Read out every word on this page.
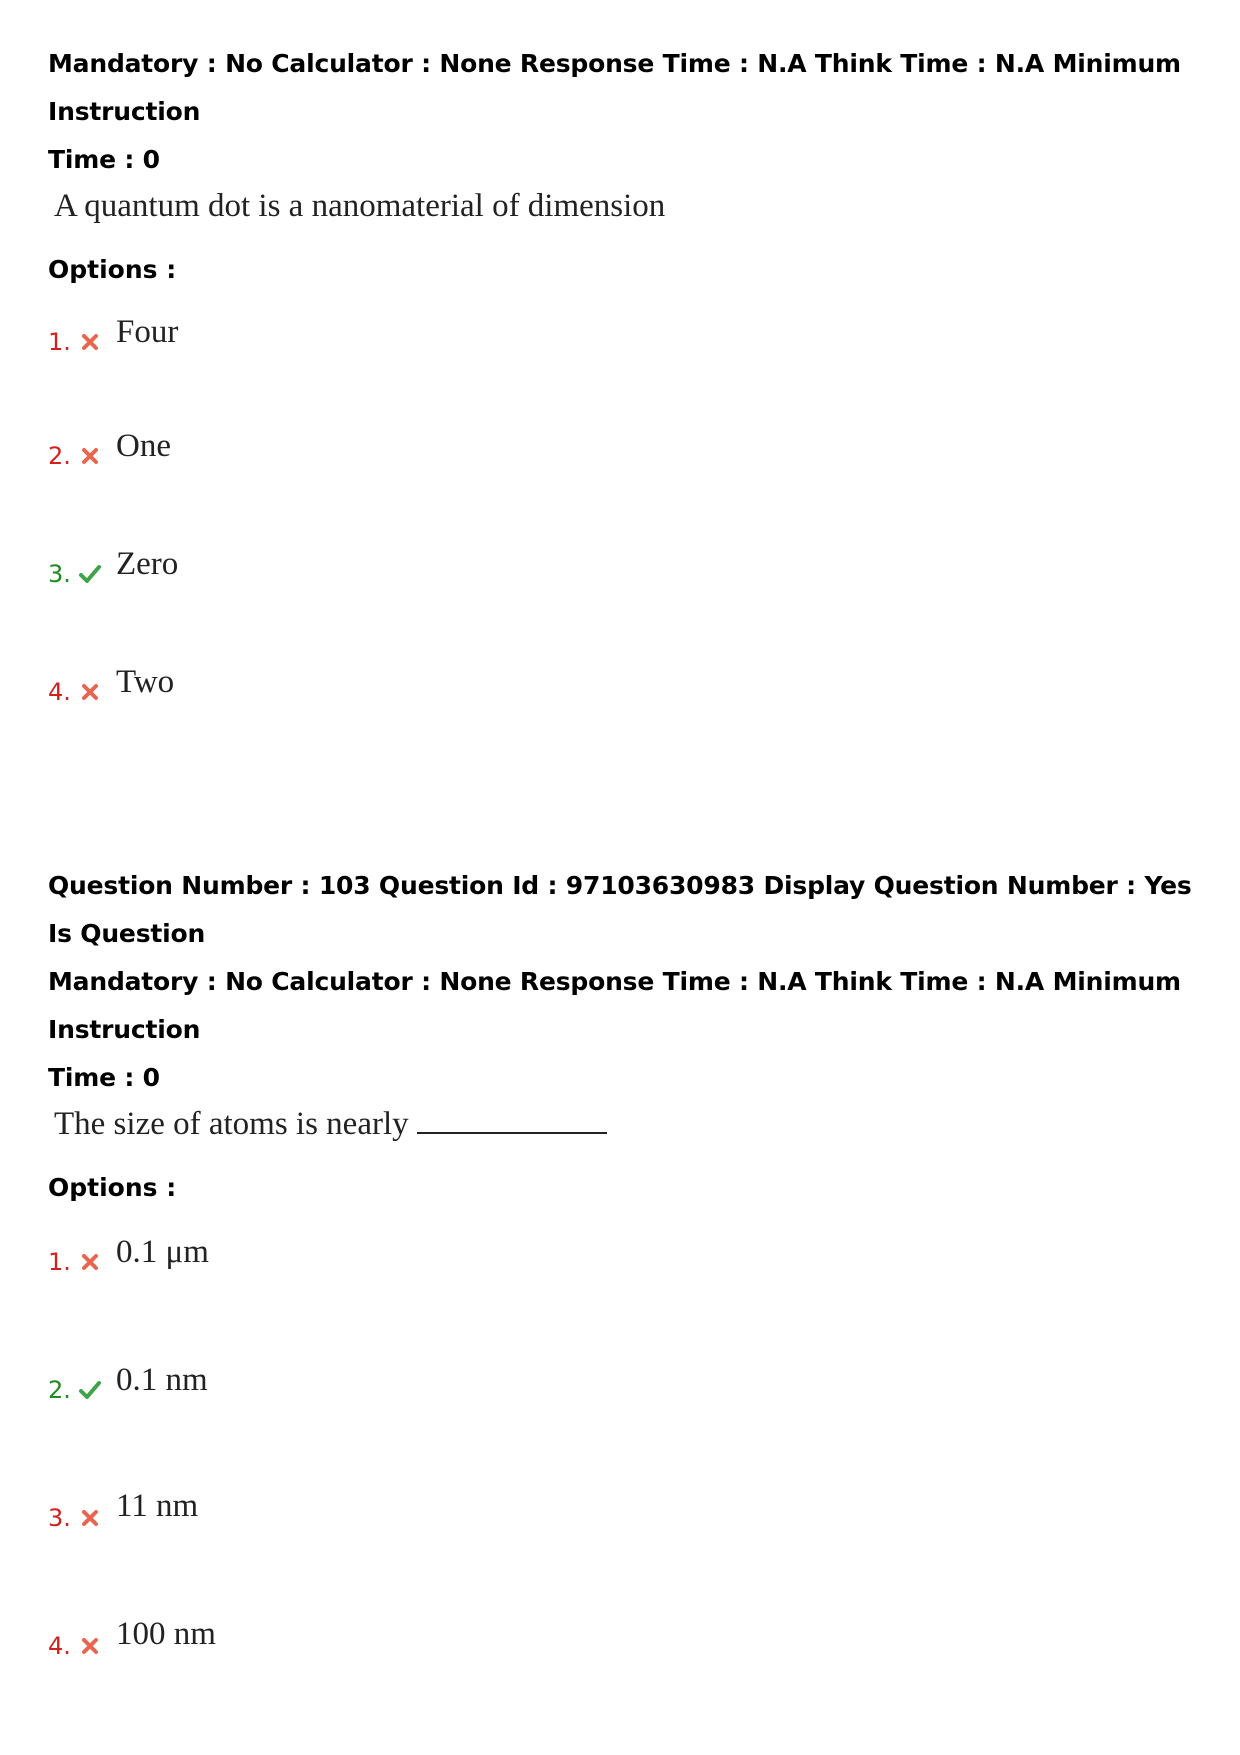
Mandatory : No Calculator : None Response Time : N.A Think Time : N.A Minimum Instruction
Time : 0
A quantum dot is a nanomaterial of dimension
Options :
1. Four
2. One
3. Zero
4. Two
Question Number : 103 Question Id : 97103630983 Display Question Number : Yes Is Question
Mandatory : No Calculator : None Response Time : N.A Think Time : N.A Minimum Instruction
Time : 0
The size of atoms is nearly
Options :
1. 0.1 μm
2. 0.1 nm
3. 11 nm
4. 100 nm
